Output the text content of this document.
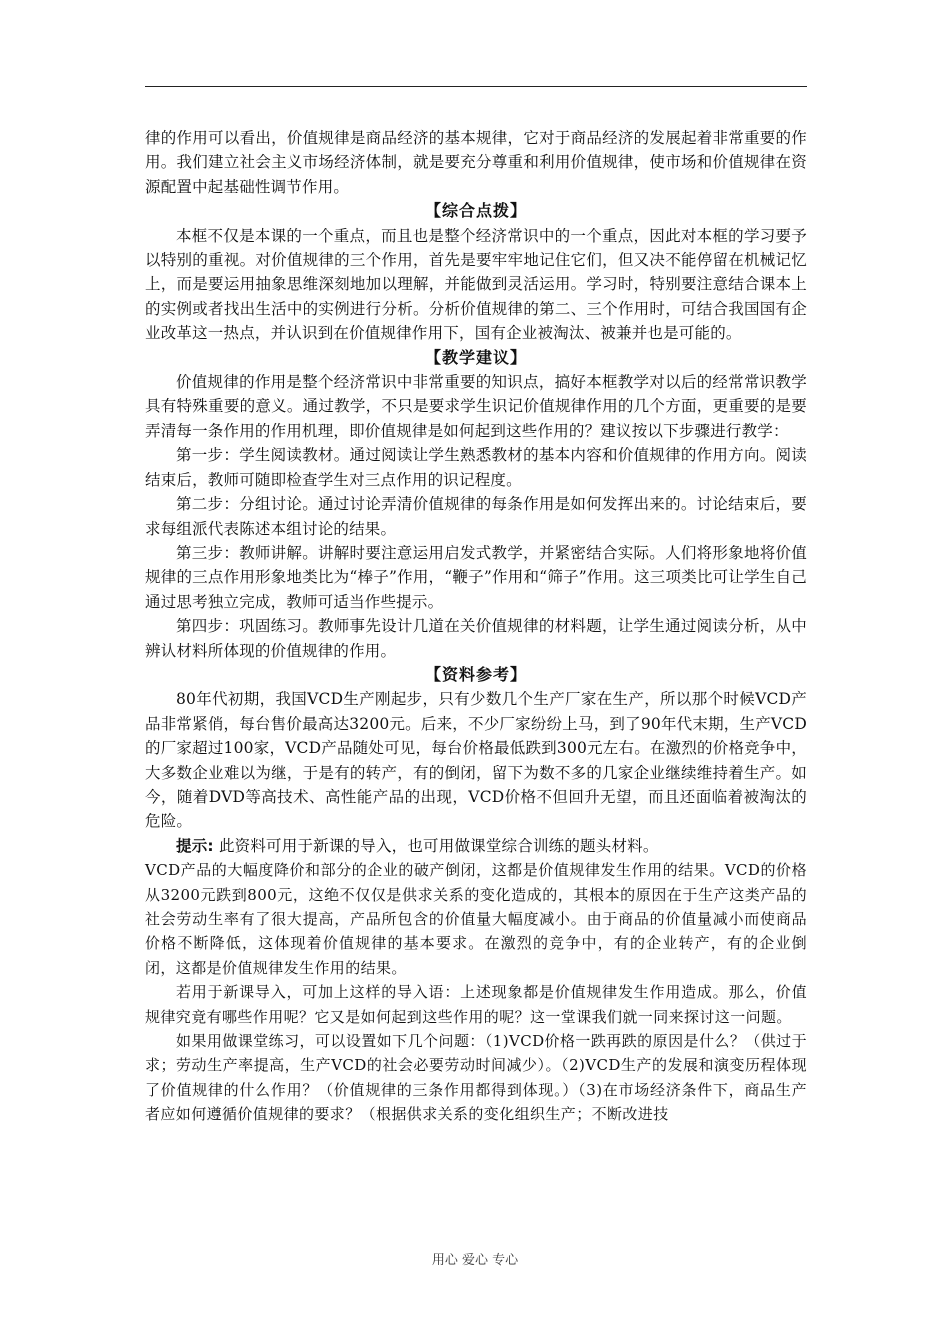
律的作用可以看出，价值规律是商品经济的基本规律，它对于商品经济的发展起着非常重要的作用。我们建立社会主义市场经济体制，就是要充分尊重和利用价值规律，使市场和价值规律在资源配置中起基础性调节作用。

【综合点拨】

本框不仅是本课的一个重点，而且也是整个经济常识中的一个重点，因此对本框的学习要予以特别的重视。对价值规律的三个作用，首先是要牢牢地记住它们，但又决不能停留在机械记忆上，而是要运用抽象思维深刻地加以理解，并能做到灵活运用。学习时，特别要注意结合课本上的实例或者找出生活中的实例进行分析。分析价值规律的第二、三个作用时，可结合我国国有企业改革这一热点，并认识到在价值规律作用下，国有企业被淘汰、被兼并也是可能的。

【教学建议】

价值规律的作用是整个经济常识中非常重要的知识点，搞好本框教学对以后的经常常识教学具有特殊重要的意义。通过教学，不只是要求学生识记价值规律作用的几个方面，更重要的是要弄清每一条作用的作用机理，即价值规律是如何起到这些作用的？建议按以下步骤进行教学：

第一步：学生阅读教材。通过阅读让学生熟悉教材的基本内容和价值规律的作用方向。阅读结束后，教师可随即检查学生对三点作用的识记程度。

第二步：分组讨论。通过讨论弄清价值规律的每条作用是如何发挥出来的。讨论结束后，要求每组派代表陈述本组讨论的结果。

第三步：教师讲解。讲解时要注意运用启发式教学，并紧密结合实际。人们将形象地将价值规律的三点作用形象地类比为“棒子”作用，“鞭子”作用和“筛子”作用。这三项类比可让学生自己通过思考独立完成，教师可适当作些提示。

第四步：巩固练习。教师事先设计几道在关价值规律的材料题，让学生通过阅读分析，从中辨认材料所体现的价值规律的作用。

【资料参考】

80年代初期，我国VCD生产刚起步，只有少数几个生产厂家在生产，所以那个时候VCD产品非常紧俏，每台售价最高达3200元。后来，不少厂家纷纷上马，到了90年代末期，生产VCD的厂家超过100家，VCD产品随处可见，每台价格最低跌到300元左右。在激烈的价格竞争中，大多数企业难以为继，于是有的转产，有的倒闭，留下为数不多的几家企业继续维持着生产。如今，随着DVD等高技术、高性能产品的出现，VCD价格不但回升无望，而且还面临着被淘汰的危险。

提示: 此资料可用于新课的导入，也可用做课堂综合训练的题头材料。

VCD产品的大幅度降价和部分的企业的破产倒闭，这都是价值规律发生作用的结果。VCD的价格从3200元跌到800元，这绝不仅仅是供求关系的变化造成的，其根本的原因在于生产这类产品的社会劳动生率有了很大提高，产品所包含的价值量大幅度减小。由于商品的价值量减小而使商品价格不断降低，这体现着价值规律的基本要求。在激烈的竞争中，有的企业转产，有的企业倒闭，这都是价值规律发生作用的结果。

若用于新课导入，可加上这样的导入语：上述现象都是价值规律发生作用造成。那么，价值规律究竟有哪些作用呢？它又是如何起到这些作用的呢？这一堂课我们就一同来探讨这一问题。

如果用做课堂练习，可以设置如下几个问题：（1)VCD价格一跌再跌的原因是什么？（供过于求；劳动生产率提高，生产VCD的社会必要劳动时间减少）。（2)VCD生产的发展和演变历程体现了价值规律的什么作用？（价值规律的三条作用都得到体现。）（3)在市场经济条件下，商品生产者应如何遵循价值规律的要求？（根据供求关系的变化组织生产；不断改进技

用心 爱心 专心
